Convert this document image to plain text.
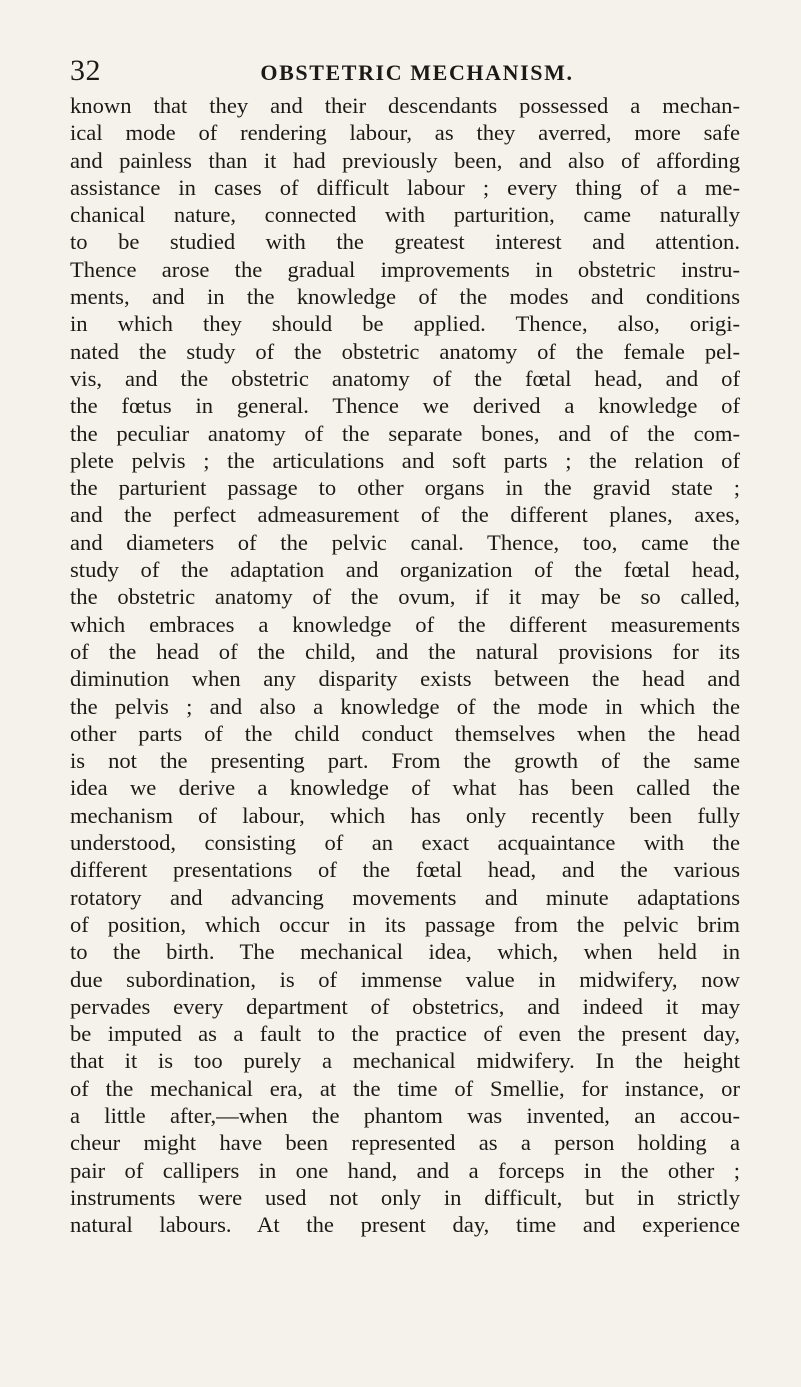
32	OBSTETRIC MECHANISM.
known that they and their descendants possessed a mechan-
ical mode of rendering labour, as they averred, more safe
and painless than it had previously been, and also of affording
assistance in cases of difficult labour ; every thing of a me-
chanical nature, connected with parturition, came naturally
to be studied with the greatest interest and attention.
Thence arose the gradual improvements in obstetric instru-
ments, and in the knowledge of the modes and conditions
in which they should be applied. Thence, also, origi-
nated the study of the obstetric anatomy of the female pel-
vis, and the obstetric anatomy of the fœtal head, and of
the fœtus in general. Thence we derived a knowledge of
the peculiar anatomy of the separate bones, and of the com-
plete pelvis ; the articulations and soft parts ; the relation of
the parturient passage to other organs in the gravid state ;
and the perfect admeasurement of the different planes, axes,
and diameters of the pelvic canal. Thence, too, came the
study of the adaptation and organization of the fœtal head,
the obstetric anatomy of the ovum, if it may be so called,
which embraces a knowledge of the different measurements
of the head of the child, and the natural provisions for its
diminution when any disparity exists between the head and
the pelvis ; and also a knowledge of the mode in which the
other parts of the child conduct themselves when the head
is not the presenting part. From the growth of the same
idea we derive a knowledge of what has been called the
mechanism of labour, which has only recently been fully
understood, consisting of an exact acquaintance with the
different presentations of the fœtal head, and the various
rotatory and advancing movements and minute adaptations
of position, which occur in its passage from the pelvic brim
to the birth. The mechanical idea, which, when held in
due subordination, is of immense value in midwifery, now
pervades every department of obstetrics, and indeed it may
be imputed as a fault to the practice of even the present day,
that it is too purely a mechanical midwifery. In the height
of the mechanical era, at the time of Smellie, for instance, or
a little after,—when the phantom was invented, an accou-
cheur might have been represented as a person holding a
pair of callipers in one hand, and a forceps in the other ;
instruments were used not only in difficult, but in strictly
natural labours. At the present day, time and experience
